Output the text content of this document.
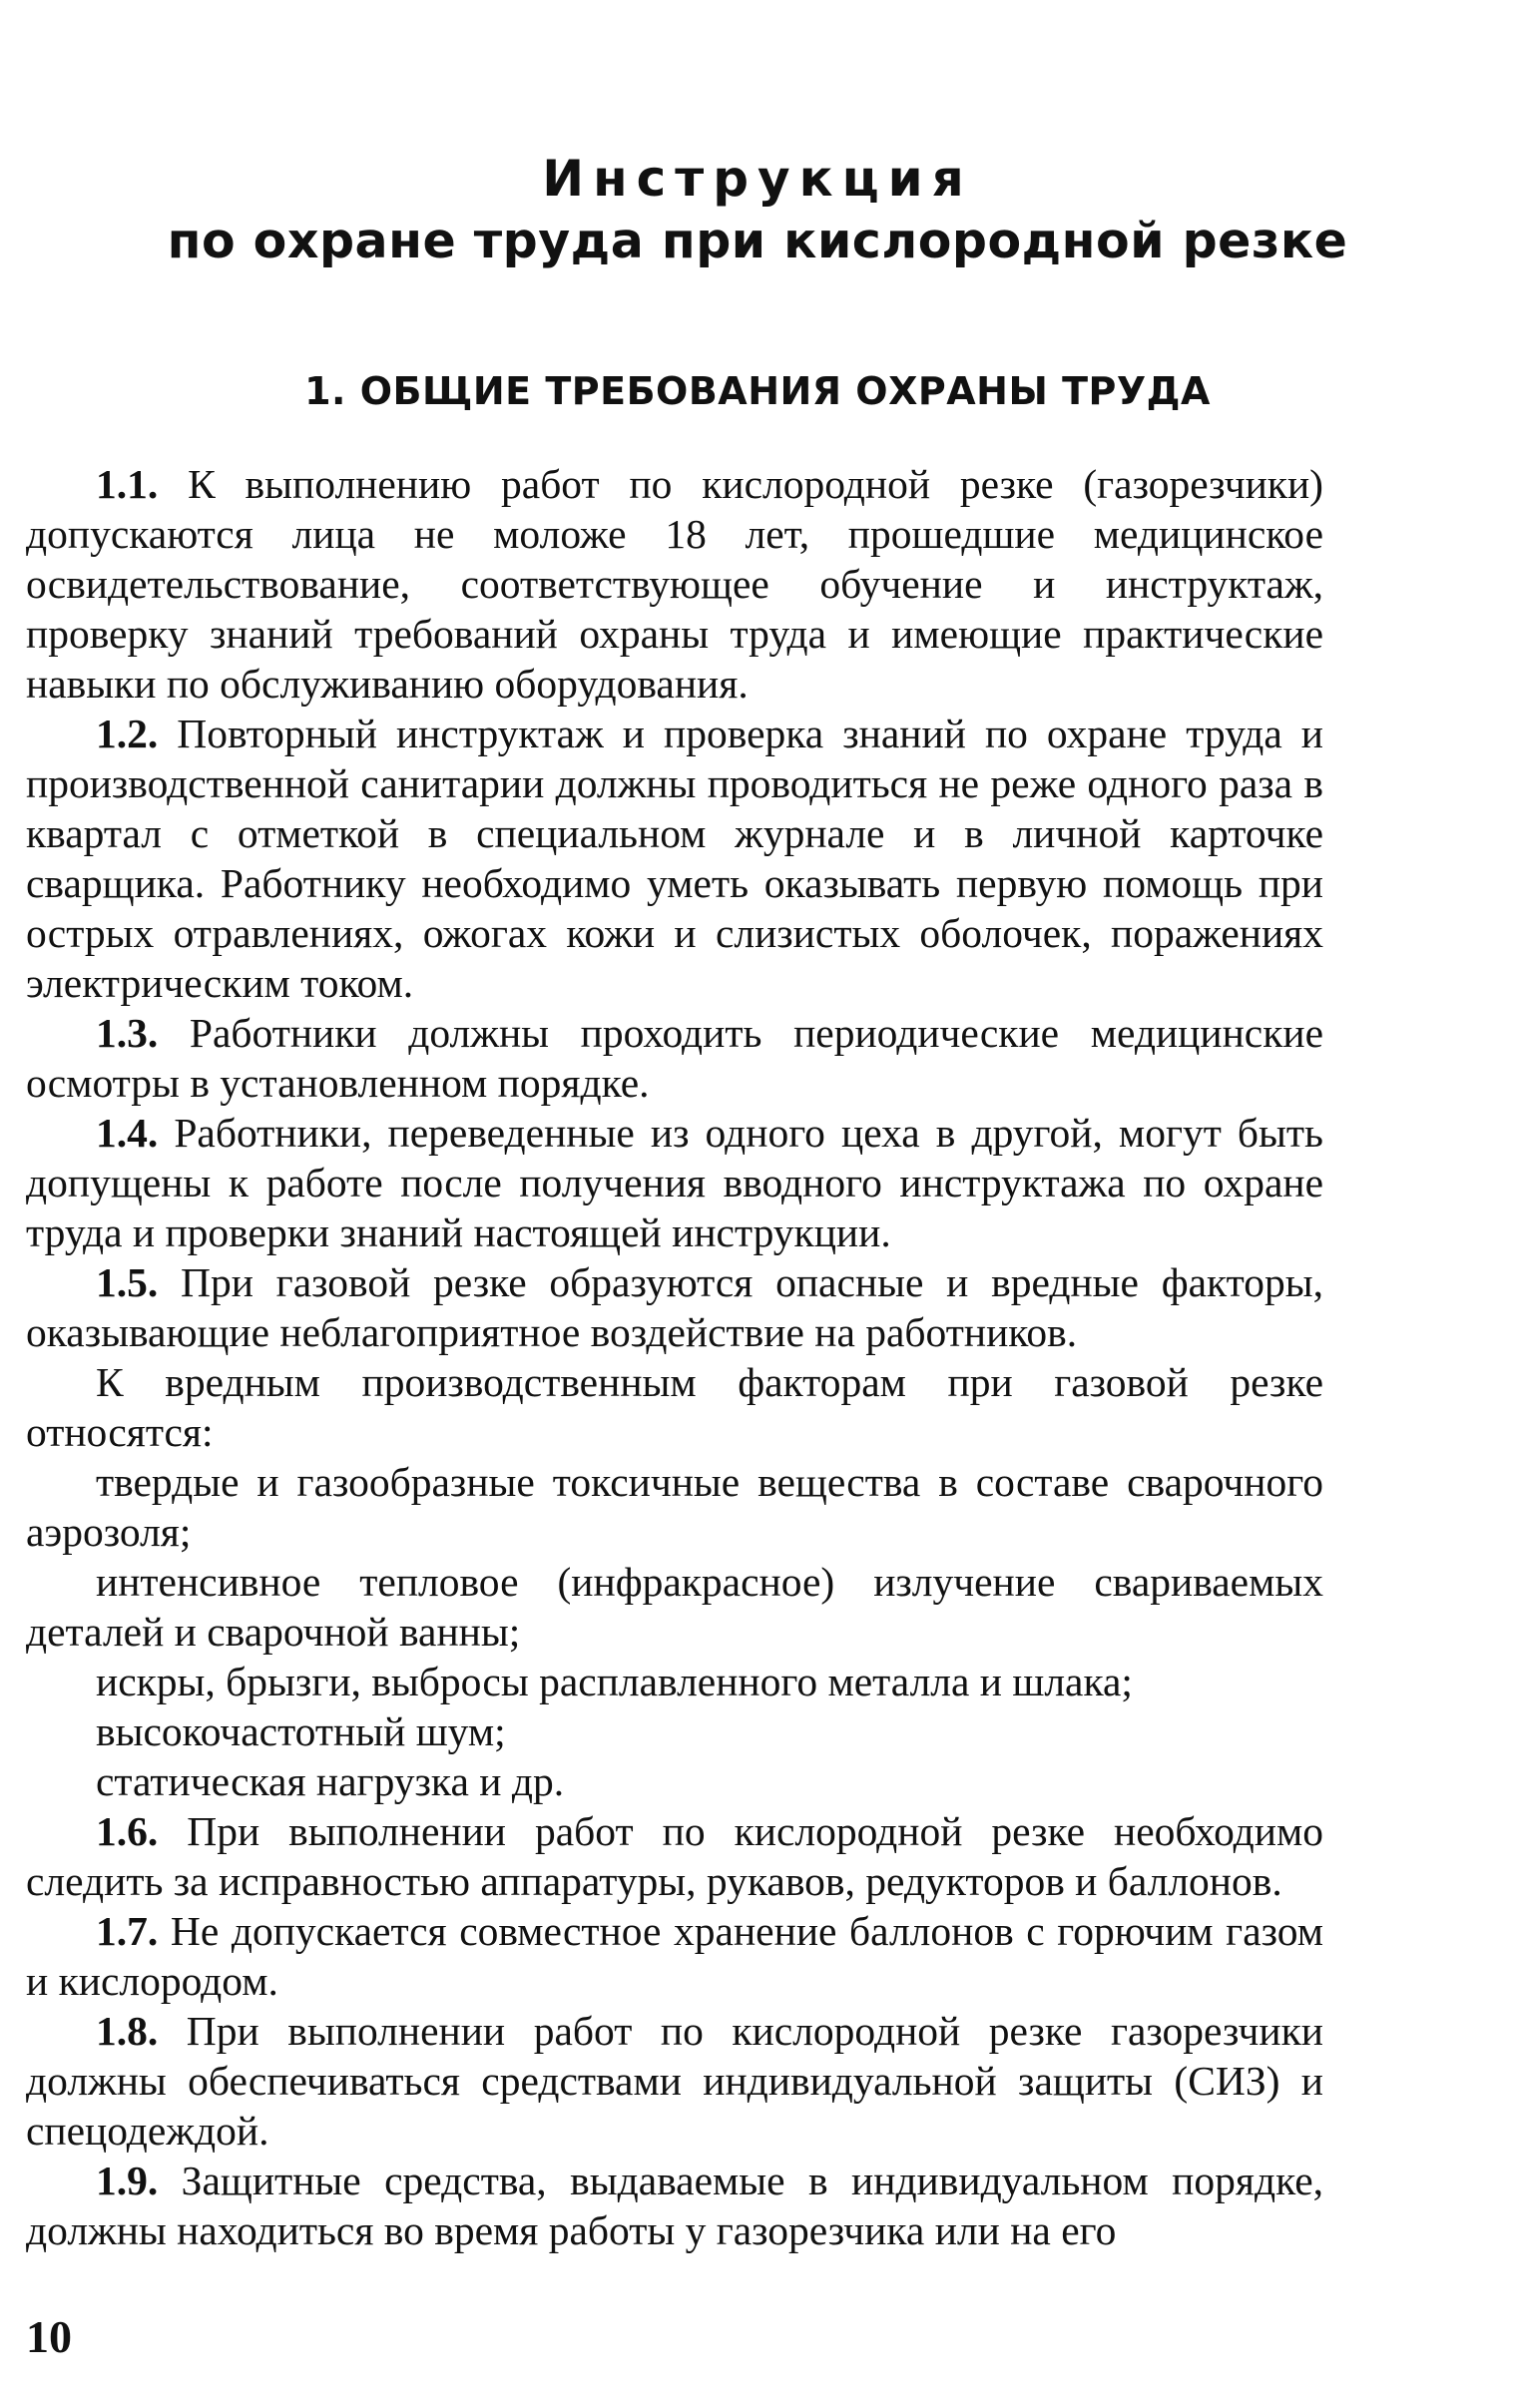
Инструкция
по охране труда при кислородной резке
1. ОБЩИЕ ТРЕБОВАНИЯ ОХРАНЫ ТРУДА

1.1. К выполнению работ по кислородной резке (газорезчики) допускаются лица не моложе 18 лет, прошедшие медицинское освидетельствование, соответствующее обучение и инструктаж, проверку знаний требований охраны труда и имеющие практические навыки по обслуживанию оборудования.

1.2. Повторный инструктаж и проверка знаний по охране труда и производственной санитарии должны проводиться не реже одного раза в квартал с отметкой в специальном журнале и в личной карточке сварщика. Работнику необходимо уметь оказывать первую помощь при острых отравлениях, ожогах кожи и слизистых оболочек, поражениях электрическим током.

1.3. Работники должны проходить периодические медицинские осмотры в установленном порядке.

1.4. Работники, переведенные из одного цеха в другой, могут быть допущены к работе после получения вводного инструктажа по охране труда и проверки знаний настоящей инструкции.

1.5. При газовой резке образуются опасные и вредные факторы, оказывающие неблагоприятное воздействие на работников.

К вредным производственным факторам при газовой резке относятся:

твердые и газообразные токсичные вещества в составе сварочного аэрозоля;

интенсивное тепловое (инфракрасное) излучение свариваемых деталей и сварочной ванны;

искры, брызги, выбросы расплавленного металла и шлака;

высокочастотный шум;

статическая нагрузка и др.

1.6. При выполнении работ по кислородной резке необходимо следить за исправностью аппаратуры, рукавов, редукторов и баллонов.

1.7. Не допускается совместное хранение баллонов с горючим газом и кислородом.

1.8. При выполнении работ по кислородной резке газорезчики должны обеспечиваться средствами индивидуальной защиты (СИЗ) и спецодеждой.

1.9. Защитные средства, выдаваемые в индивидуальном порядке, должны находиться во время работы у газорезчика или на его

10
